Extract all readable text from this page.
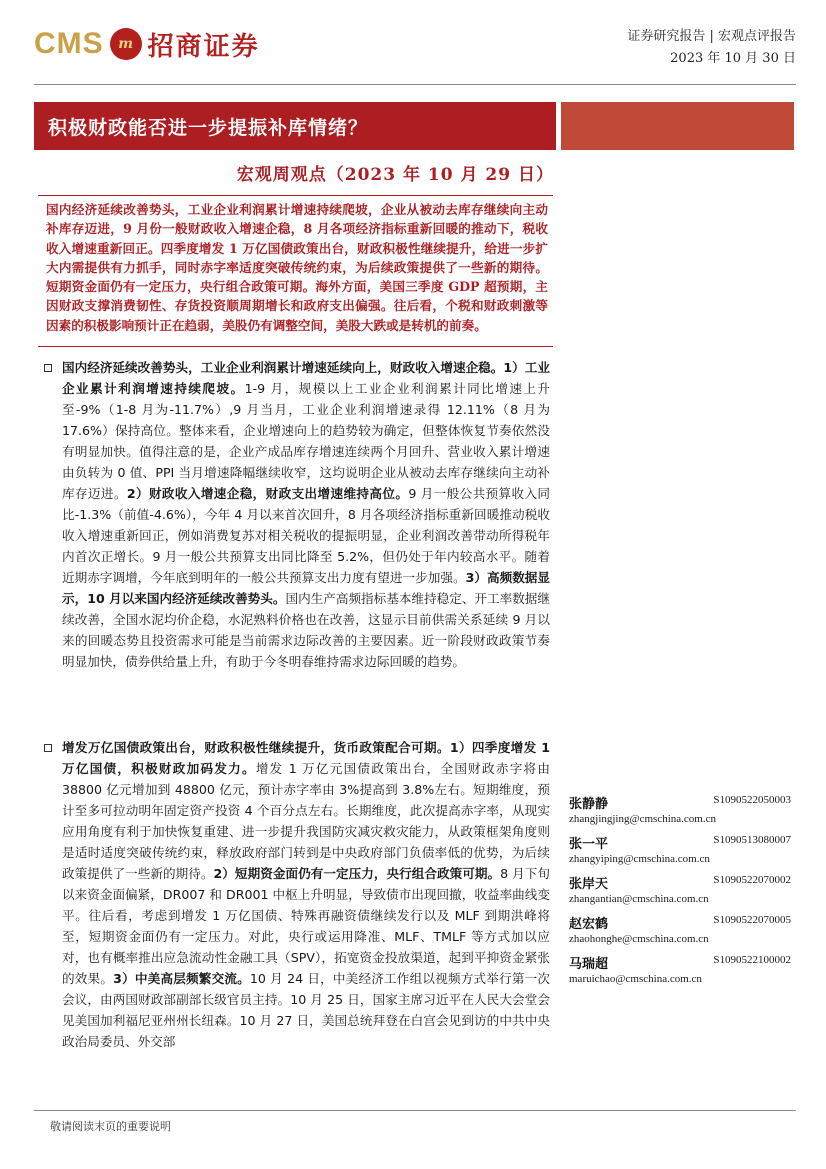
CMS	m 招商证券	证券研究报告 | 宏观点评报告
2023 年 10 月 30 日
积极财政能否进一步提振补库情绪？
宏观周观点（2023 年 10 月 29 日）
国内经济延续改善势头，工业企业利润累计增速持续爬坡，企业从被动去库存继续向主动补库存迈进，9 月份一般财政收入增速企稳，8 月各项经济指标重新回暖的推动下，税收收入增速重新回正。四季度增发 1 万亿国债政策出台，财政积极性继续提升，给进一步扩大内需提供有力抓手，同时赤字率适度突破传统约束，为后续政策提供了一些新的期待。短期资金面仍有一定压力，央行组合政策可期。海外方面，美国三季度 GDP 超预期，主因财政支撑消费韧性、存货投资顺周期增长和政府支出偏强。往后看，个税和财政刺激等因素的积极影响预计正在趋弱，美股仍有调整空间，美股大跌或是转机的前奏。
国内经济延续改善势头，工业企业利润累计增速延续向上，财政收入增速企稳。1）工业企业累计利润增速持续爬坡。1-9 月，规模以上工业企业利润累计同比增速上升至-9%（1-8 月为-11.7%）,9 月当月，工业企业利润增速录得 12.11%（8 月为 17.6%）保持高位。整体来看，企业增速向上的趋势较为确定，但整体恢复节奏依然没有明显加快。值得注意的是，企业产成品库存增速连续两个月回升、营业收入累计增速由负转为 0 值、PPI 当月增速降幅继续收窄，这均说明企业从被动去库存继续向主动补库存迈进。2）财政收入增速企稳，财政支出增速维持高位。9 月一般公共预算收入同比-1.3%（前值-4.6%），今年 4 月以来首次回升，8 月各项经济指标重新回暖推动税收收入增速重新回正，例如消费复苏对相关税收的提振明显，企业利润改善带动所得税年内首次正增长。9 月一般公共预算支出同比降至 5.2%，但仍处于年内较高水平。随着近期赤字调增，今年底到明年的一般公共预算支出力度有望进一步加强。3）高频数据显示，10 月以来国内经济延续改善势头。国内生产高频指标基本维持稳定、开工率数据继续改善，全国水泥均价企稳，水泥熟料价格也在改善，这显示目前供需关系延续 9 月以来的回暖态势且投资需求可能是当前需求边际改善的主要因素。近一阶段财政政策节奏明显加快，债券供给量上升，有助于今冬明春维持需求边际回暖的趋势。
增发万亿国债政策出台，财政积极性继续提升，货币政策配合可期。1）四季度增发 1 万亿国债，积极财政加码发力。增发 1 万亿元国债政策出台，全国财政赤字将由 38800 亿元增加到 48800 亿元，预计赤字率由 3%提高到 3.8%左右。短期维度，预计至多可拉动明年固定资产投资 4 个百分点左右。长期维度，此次提高赤字率，从现实应用角度有利于加快恢复重建、进一步提升我国防灾减灾救灾能力，从政策框架角度则是适时适度突破传统约束，释放政府部门转到是中央政府部门负债率低的优势，为后续政策提供了一些新的期待。2）短期资金面仍有一定压力，央行组合政策可期。8 月下旬以来资金面偏紧，DR007 和 DR001 中枢上升明显，导致债市出现回撤，收益率曲线变平。往后看，考虑到增发 1 万亿国债、特殊再融资债继续发行以及 MLF 到期洪峰将至，短期资金面仍有一定压力。对此，央行或运用降准、MLF、TMLF 等方式加以应对，也有概率推出应急流动性金融工具（SPV），拓宽资金投放渠道，起到平抑资金紧张的效果。3）中美高层频繁交流。10 月 24 日，中美经济工作组以视频方式举行第一次会议，由两国财政部副部长级官员主持。10 月 25 日，国家主席习近平在人民大会堂会见美国加利福尼亚州州长纽森。10 月 27 日，美国总统拜登在白宫会见到访的中共中央政治局委员、外交部
张静静	S1090522050003
zhangjingjing@cmschina.com.cn
张一平	S1090513080007
zhangyiping@cmschina.com.cn
张岸天	S1090522070002
zhangantian@cmschina.com.cn
赵宏鹤	S1090522070005
zhaohonghe@cmschina.com.cn
马瑞超	S1090522100002
maruichao@cmschina.com.cn
敬请阅读末页的重要说明
